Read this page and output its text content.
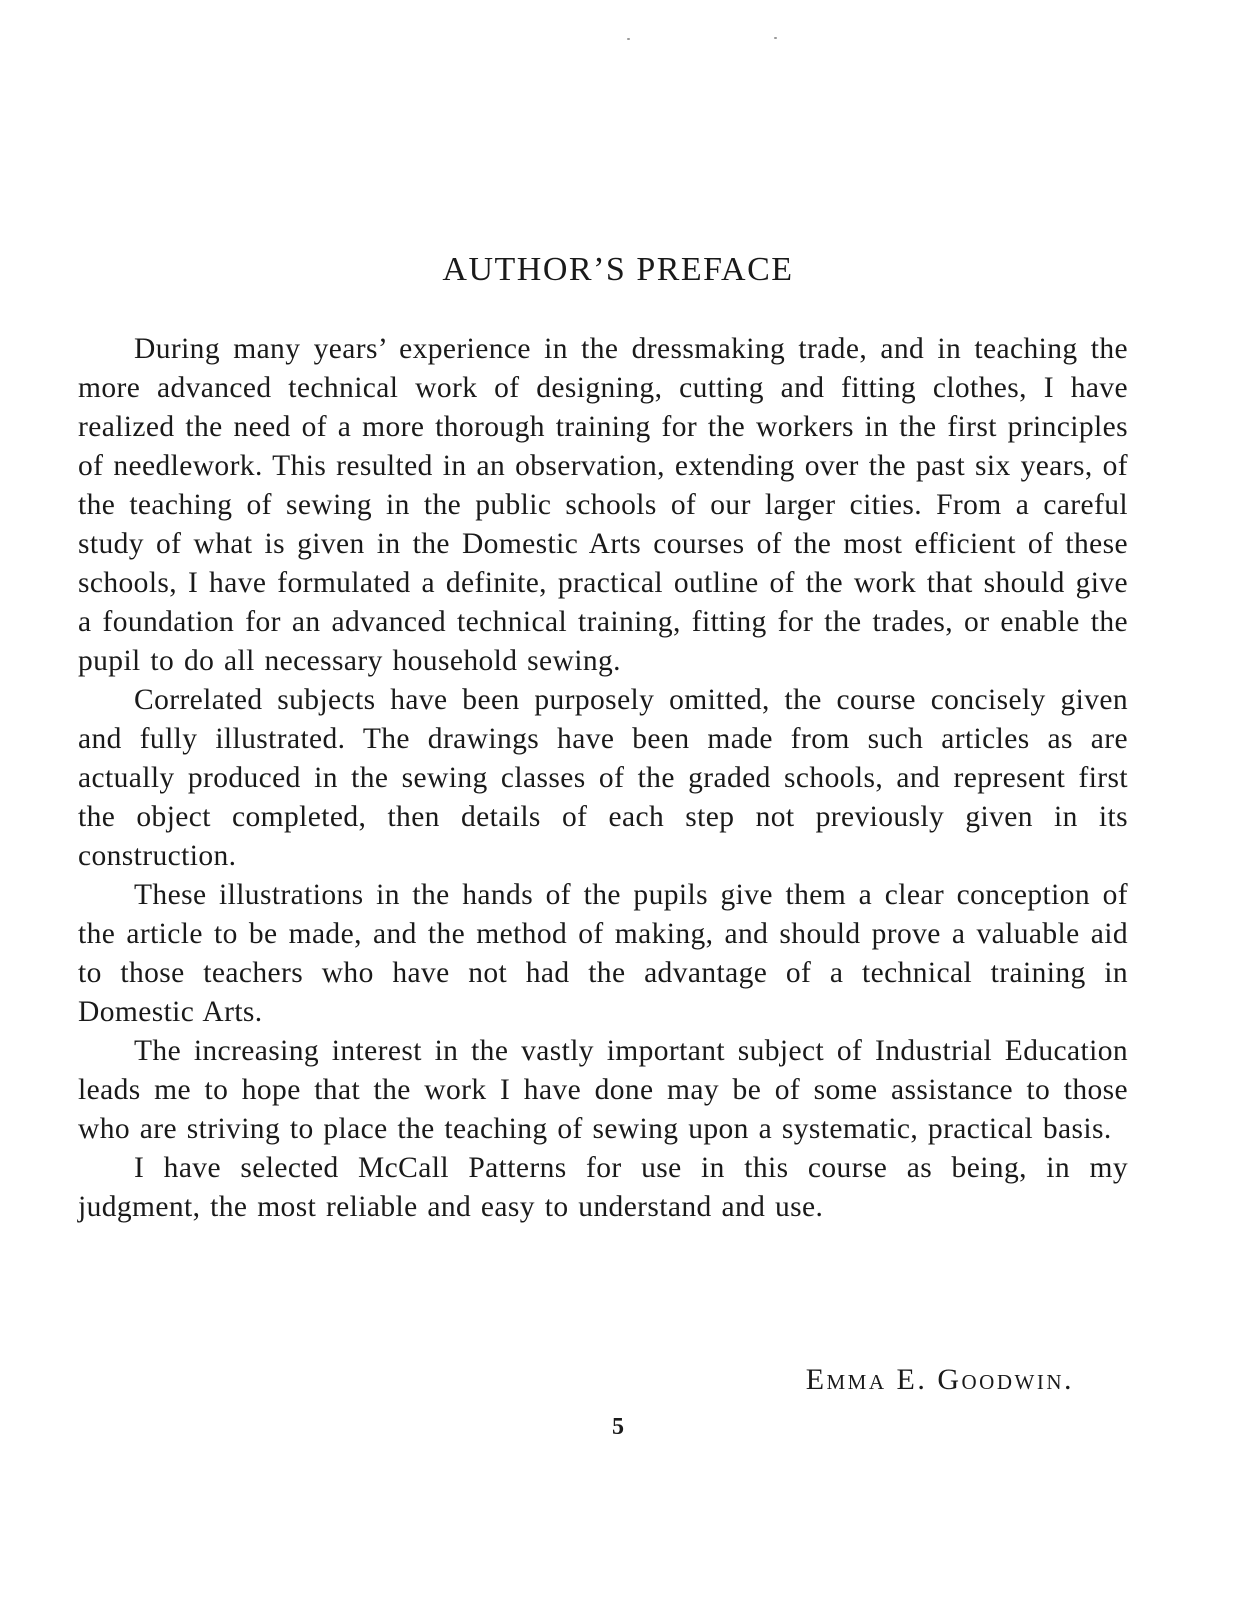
AUTHOR’S PREFACE

During many years’ experience in the dressmaking trade, and in teaching the more advanced technical work of designing, cutting and fitting clothes, I have realized the need of a more thorough training for the workers in the first principles of needlework. This resulted in an observation, extending over the past six years, of the teaching of sewing in the public schools of our larger cities. From a careful study of what is given in the Domestic Arts courses of the most efficient of these schools, I have formulated a definite, practical outline of the work that should give a foundation for an advanced technical training, fitting for the trades, or enable the pupil to do all necessary household sewing.

Correlated subjects have been purposely omitted, the course concisely given and fully illustrated. The drawings have been made from such articles as are actually produced in the sewing classes of the graded schools, and represent first the object completed, then details of each step not previously given in its construction.

These illustrations in the hands of the pupils give them a clear conception of the article to be made, and the method of making, and should prove a valuable aid to those teachers who have not had the advantage of a technical training in Domestic Arts.

The increasing interest in the vastly important subject of Industrial Education leads me to hope that the work I have done may be of some assistance to those who are striving to place the teaching of sewing upon a systematic, practical basis.

I have selected McCall Patterns for use in this course as being, in my judgment, the most reliable and easy to understand and use.

Emma E. Goodwin.
5
